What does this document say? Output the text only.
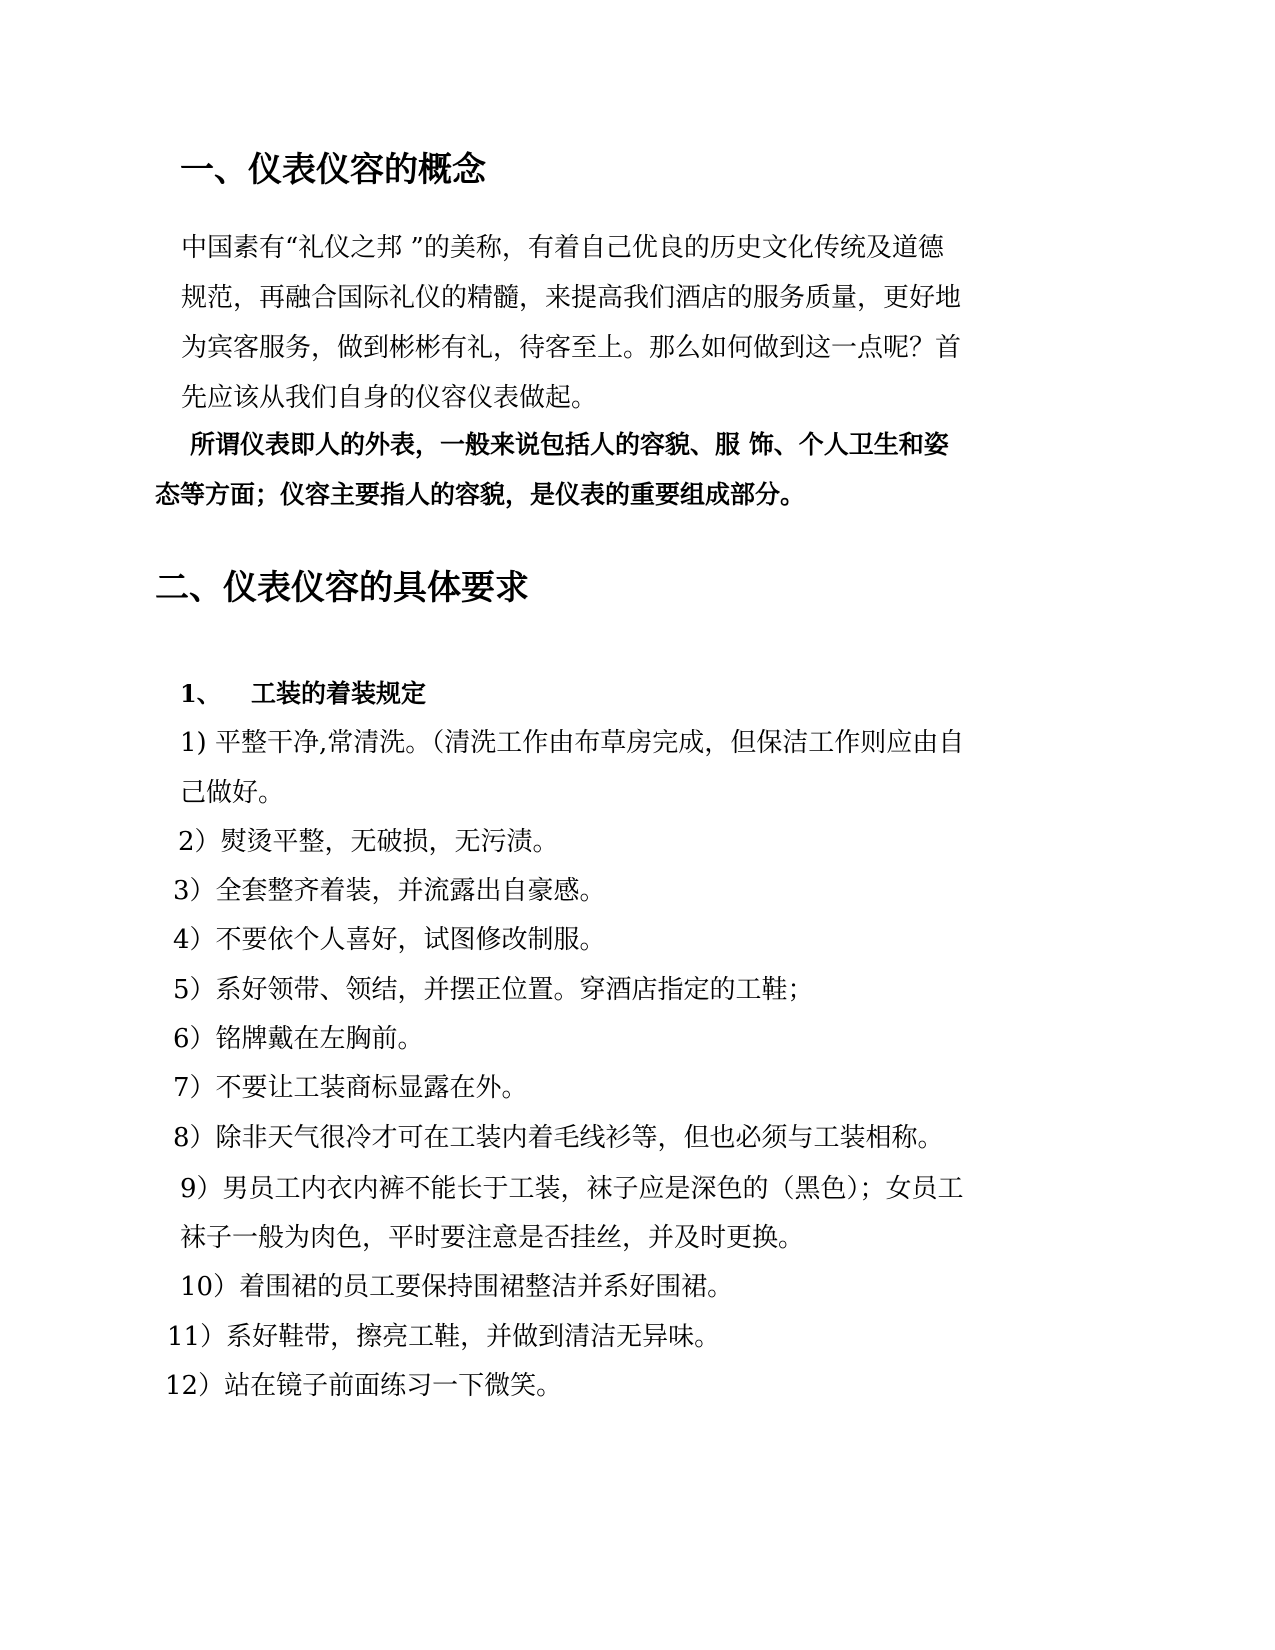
一、仪表仪容的概念
中国素有“礼仪之邦 ”的美称，有着自己优良的历史文化传统及道德
规范，再融合国际礼仪的精髓，来提高我们酒店的服务质量，更好地
为宾客服务，做到彬彬有礼，待客至上。那么如何做到这一点呢？首
先应该从我们自身的仪容仪表做起。
所谓仪表即人的外表，一般来说包括人的容貌、服 饰、个人卫生和姿
态等方面；仪容主要指人的容貌，是仪表的重要组成部分。
二、仪表仪容的具体要求
1、 工装的着装规定
1) 平整干净,常清洗。（清洗工作由布草房完成，但保洁工作则应由自
己做好。
2）熨烫平整，无破损，无污渍。
3）全套整齐着装，并流露出自豪感。
4）不要依个人喜好，试图修改制服。
5）系好领带、领结，并摆正位置。穿酒店指定的工鞋；
6）铭牌戴在左胸前。
7）不要让工装商标显露在外。
8）除非天气很冷才可在工装内着毛线衫等，但也必须与工装相称。
9）男员工内衣内裤不能长于工装，袜子应是深色的（黑色）；女员工
袜子一般为肉色，平时要注意是否挂丝，并及时更换。
10）着围裙的员工要保持围裙整洁并系好围裙。
11）系好鞋带，擦亮工鞋，并做到清洁无异味。
12）站在镜子前面练习一下微笑。
